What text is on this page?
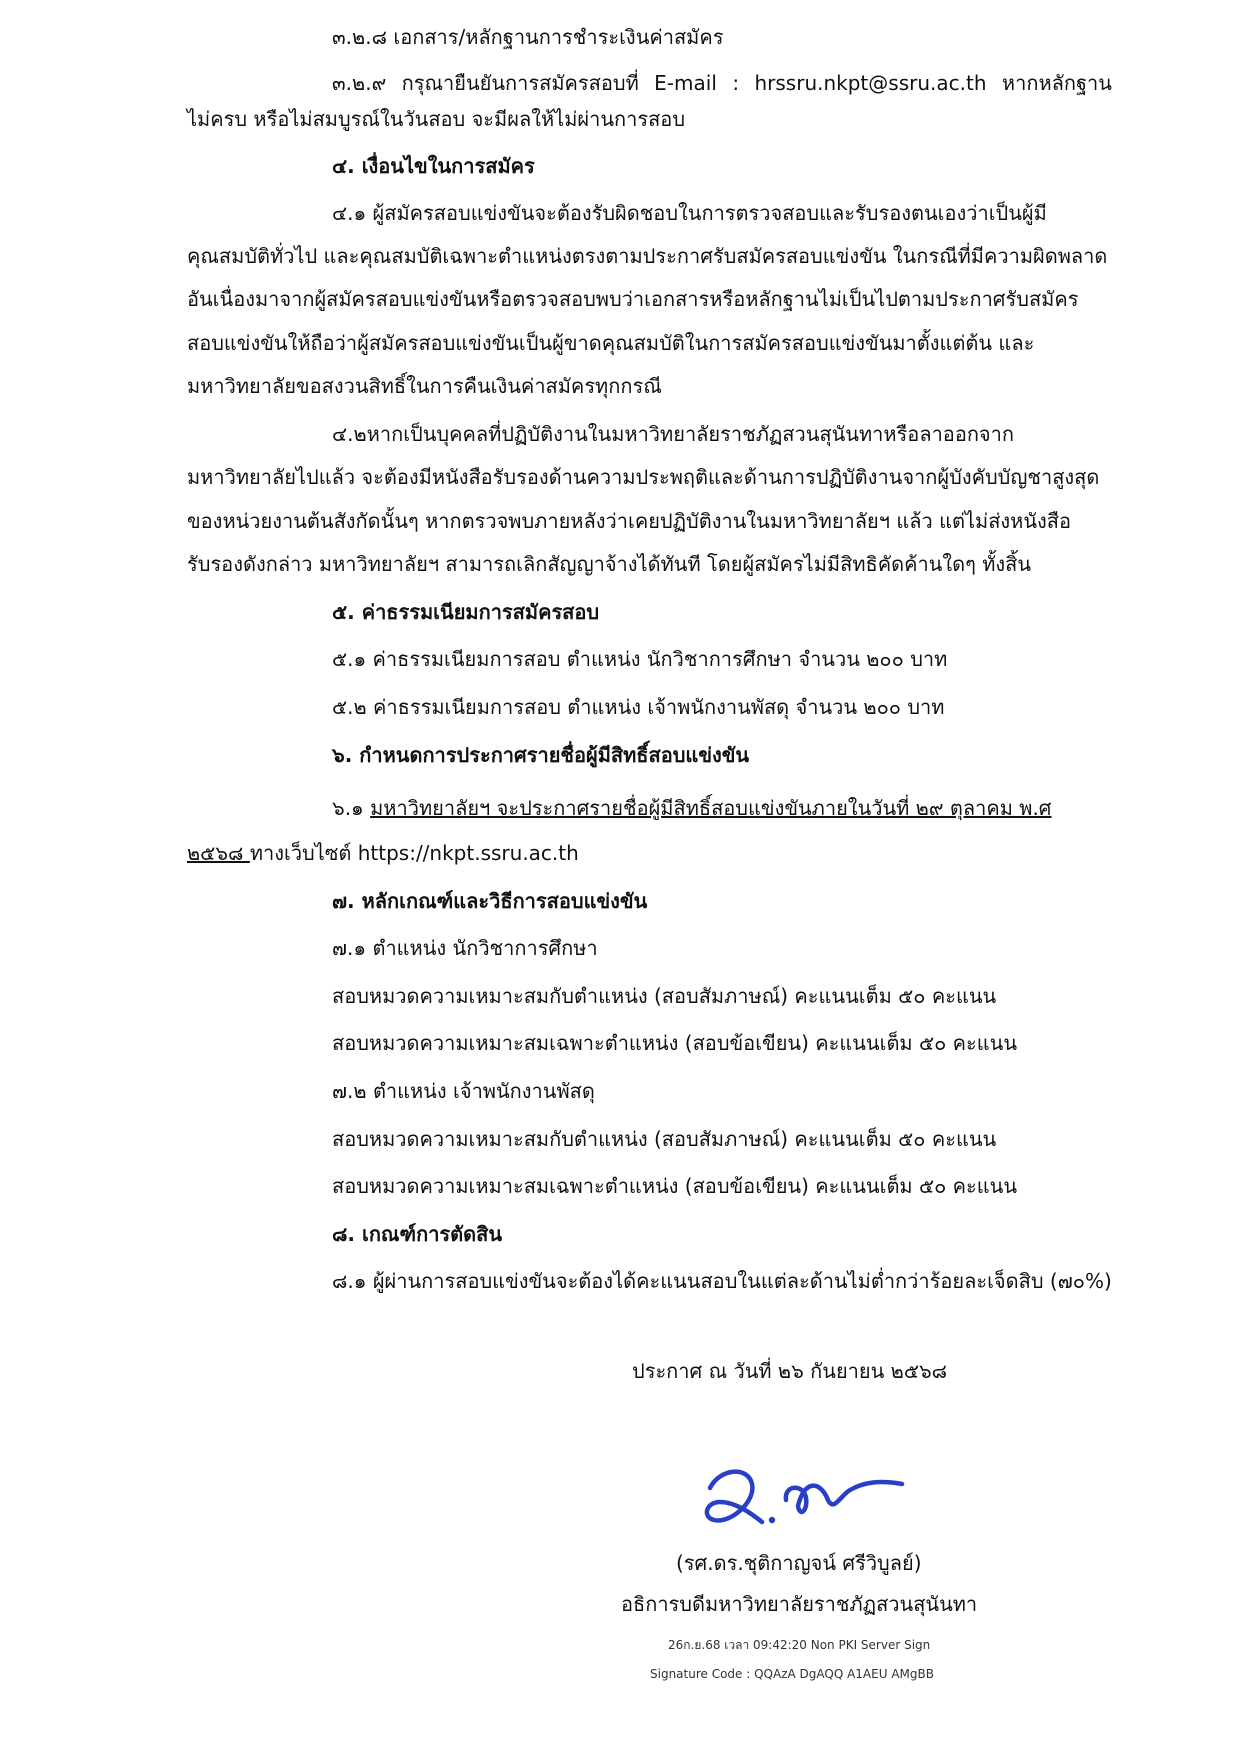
๓.๒.๘ เอกสาร/หลักฐานการชำระเงินค่าสมัคร
๓.๒.๙ กรุณายืนยันการสมัครสอบที่ E-mail : hrssru.nkpt@ssru.ac.th หากหลักฐาน
ไม่ครบ หรือไม่สมบูรณ์ในวันสอบ จะมีผลให้ไม่ผ่านการสอบ
๔. เงื่อนไขในการสมัคร
๔.๑ ผู้สมัครสอบแข่งขันจะต้องรับผิดชอบในการตรวจสอบและรับรองตนเองว่าเป็นผู้มี
คุณสมบัติทั่วไป และคุณสมบัติเฉพาะตำแหน่งตรงตามประกาศรับสมัครสอบแข่งขัน ในกรณีที่มีความผิดพลาด
อันเนื่องมาจากผู้สมัครสอบแข่งขันหรือตรวจสอบพบว่าเอกสารหรือหลักฐานไม่เป็นไปตามประกาศรับสมัคร
สอบแข่งขันให้ถือว่าผู้สมัครสอบแข่งขันเป็นผู้ขาดคุณสมบัติในการสมัครสอบแข่งขันมาตั้งแต่ต้น และ
มหาวิทยาลัยขอสงวนสิทธิ์ในการคืนเงินค่าสมัครทุกกรณี
๔.๒หากเป็นบุคคลที่ปฏิบัติงานในมหาวิทยาลัยราชภัฏสวนสุนันทาหรือลาออกจาก
มหาวิทยาลัยไปแล้ว จะต้องมีหนังสือรับรองด้านความประพฤติและด้านการปฏิบัติงานจากผู้บังคับบัญชาสูงสุด
ของหน่วยงานต้นสังกัดนั้นๆ หากตรวจพบภายหลังว่าเคยปฏิบัติงานในมหาวิทยาลัยฯ แล้ว แต่ไม่ส่งหนังสือ
รับรองดังกล่าว มหาวิทยาลัยฯ สามารถเลิกสัญญาจ้างได้ทันที โดยผู้สมัครไม่มีสิทธิคัดค้านใดๆ ทั้งสิ้น
๕. ค่าธรรมเนียมการสมัครสอบ
๕.๑ ค่าธรรมเนียมการสอบ ตำแหน่ง นักวิชาการศึกษา จำนวน ๒๐๐ บาท
๕.๒ ค่าธรรมเนียมการสอบ ตำแหน่ง เจ้าพนักงานพัสดุ จำนวน ๒๐๐ บาท
๖. กำหนดการประกาศรายชื่อผู้มีสิทธิ์สอบแข่งขัน
๖.๑ มหาวิทยาลัยฯ จะประกาศรายชื่อผู้มีสิทธิ์สอบแข่งขันภายในวันที่ ๒๙ ตุลาคม พ.ศ
๒๕๖๘ ทางเว็บไซต์ https://nkpt.ssru.ac.th
๗. หลักเกณฑ์และวิธีการสอบแข่งขัน
๗.๑ ตำแหน่ง นักวิชาการศึกษา
สอบหมวดความเหมาะสมกับตำแหน่ง (สอบสัมภาษณ์) คะแนนเต็ม ๕๐ คะแนน
สอบหมวดความเหมาะสมเฉพาะตำแหน่ง (สอบข้อเขียน) คะแนนเต็ม ๕๐ คะแนน
๗.๒ ตำแหน่ง เจ้าพนักงานพัสดุ
สอบหมวดความเหมาะสมกับตำแหน่ง (สอบสัมภาษณ์) คะแนนเต็ม ๕๐ คะแนน
สอบหมวดความเหมาะสมเฉพาะตำแหน่ง (สอบข้อเขียน) คะแนนเต็ม ๕๐ คะแนน
๘. เกณฑ์การตัดสิน
๘.๑ ผู้ผ่านการสอบแข่งขันจะต้องได้คะแนนสอบในแต่ละด้านไม่ต่ำกว่าร้อยละเจ็ดสิบ (๗๐%)
ประกาศ ณ วันที่ ๒๖ กันยายน ๒๕๖๘
(รศ.ดร.ชุติกาญจน์ ศรีวิบูลย์)
อธิการบดีมหาวิทยาลัยราชภัฏสวนสุนันทา
26ก.ย.68 เวลา 09:42:20 Non PKI Server Sign
Signature Code : QQAzA DgAQQ A1AEU AMgBB
